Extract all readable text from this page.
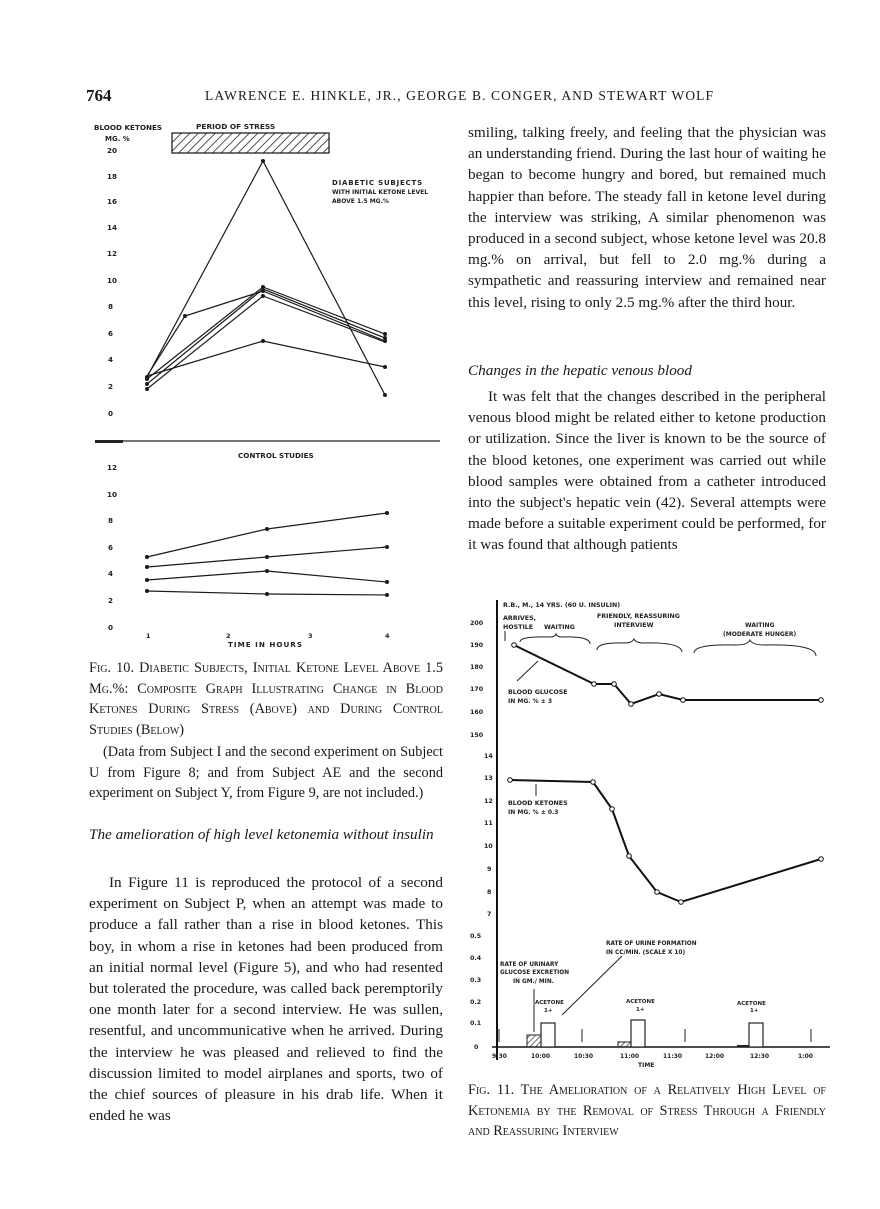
764	LAWRENCE E. HINKLE, JR., GEORGE B. CONGER, AND STEWART WOLF
BLOOD KETONES
MG. %
PERIOD OF STRESS
20
18
16
14
12
10
8
6
4
2
0
DIABETIC SUBJECTS
WITH INITIAL KETONE LEVEL
ABOVE 1.5 MG.%
CONTROL STUDIES
12
10
8
6
4
2
0
1	2	3	4
TIME IN HOURS
Fig. 10. Diabetic Subjects, Initial Ketone Level Above 1.5 Mg.%: Composite Graph Illustrating Change in Blood Ketones During Stress (Above) and During Control Studies (Below)

(Data from Subject I and the second experiment on Subject U from Figure 8; and from Subject AE and the second experiment on Subject Y, from Figure 9, are not included.)

The amelioration of high level ketonemia without insulin

In Figure 11 is reproduced the protocol of a second experiment on Subject P, when an attempt was made to produce a fall rather than a rise in blood ketones. This boy, in whom a rise in ketones had been produced from an initial normal level (Figure 5), and who had resented but tolerated the procedure, was called back peremptorily one month later for a second interview. He was sullen, resentful, and uncommunicative when he arrived. During the interview he was pleased and relieved to find the discussion limited to model airplanes and sports, two of the chief sources of pleasure in his drab life. When it ended he was

smiling, talking freely, and feeling that the physician was an understanding friend. During the last hour of waiting he began to become hungry and bored, but remained much happier than before. The steady fall in ketone level during the interview was striking, A similar phenomenon was produced in a second subject, whose ketone level was 20.8 mg.% on arrival, but fell to 2.0 mg.% during a sympathetic and reassuring interview and remained near this level, rising to only 2.5 mg.% after the third hour.

Changes in the hepatic venous blood

It was felt that the changes described in the peripheral venous blood might be related either to ketone production or utilization. Since the liver is known to be the source of the blood ketones, one experiment was carried out while blood samples were obtained from a catheter introduced into the subject's hepatic vein (42). Several attempts were made before a suitable experiment could be performed, for it was found that although patients

R.B., M., 14 YRS. (60 U. INSULIN)
ARRIVES,
HOSTILE WAITING
FRIENDLY, REASSURING
INTERVIEW	WAITING
(MODERATE HUNGER)
200
190
180
170
160
150
14
13
12
11
10
9
8
7
0.5
0.4
0.3
0.2
0.1
0
BLOOD GLUCOSE
IN MG. % ± 3
BLOOD KETONES
IN MG. % ± 0.3
RATE OF URINE FORMATION
IN CC/MIN. (SCALE X 10)
RATE OF URINARY
GLUCOSE EXCRETION
IN GM./ MIN.
ACETONE
1+
ACETONE
1+
ACETONE
1+
9:30	10:00	10:30	11:00	11:30	12:00	12:30	1:00
TIME
Fig. 11. The Amelioration of a Relatively High Level of Ketonemia by the Removal of Stress Through a Friendly and Reassuring Interview
